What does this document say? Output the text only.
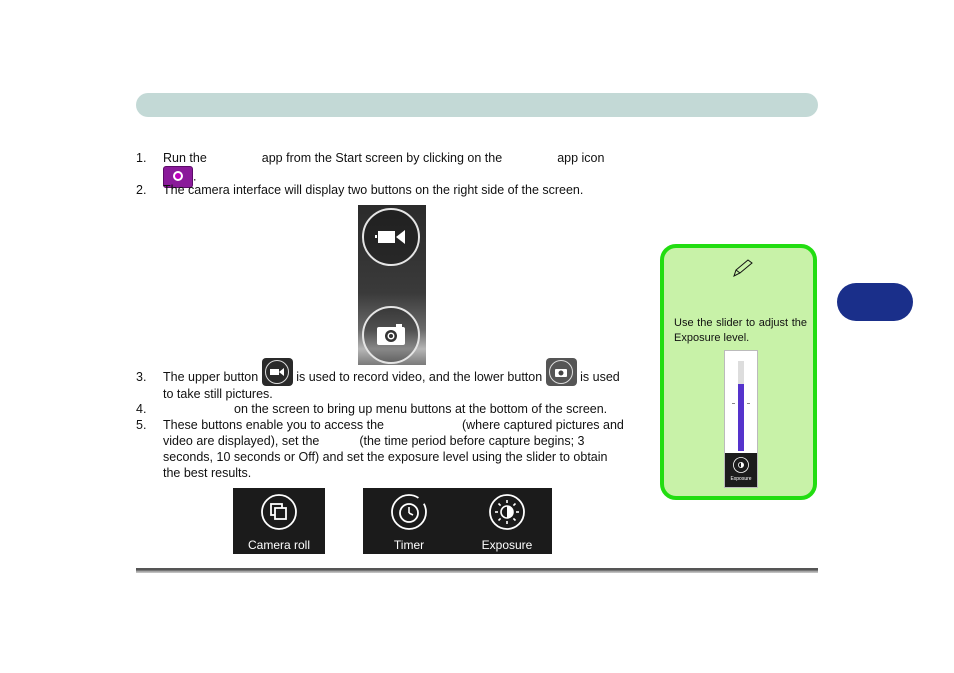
1. Run the	app from the Start screen by clicking on the	app icon
.
2. The camera interface will display two buttons on the right side of the screen.
3. The upper button	is used to record video, and the lower button	is used
to take still pictures.
4.	on the screen to bring up menu buttons at the bottom of the screen.
5. These buttons enable you to access the	(where captured pictures and
video are displayed), set the	(the time period before capture begins; 3
seconds, 10 seconds or Off) and set the exposure level using the slider to obtain
the best results.
Camera roll	Timer	Exposure
Use the slider to adjust the Exposure level.
Exposure
